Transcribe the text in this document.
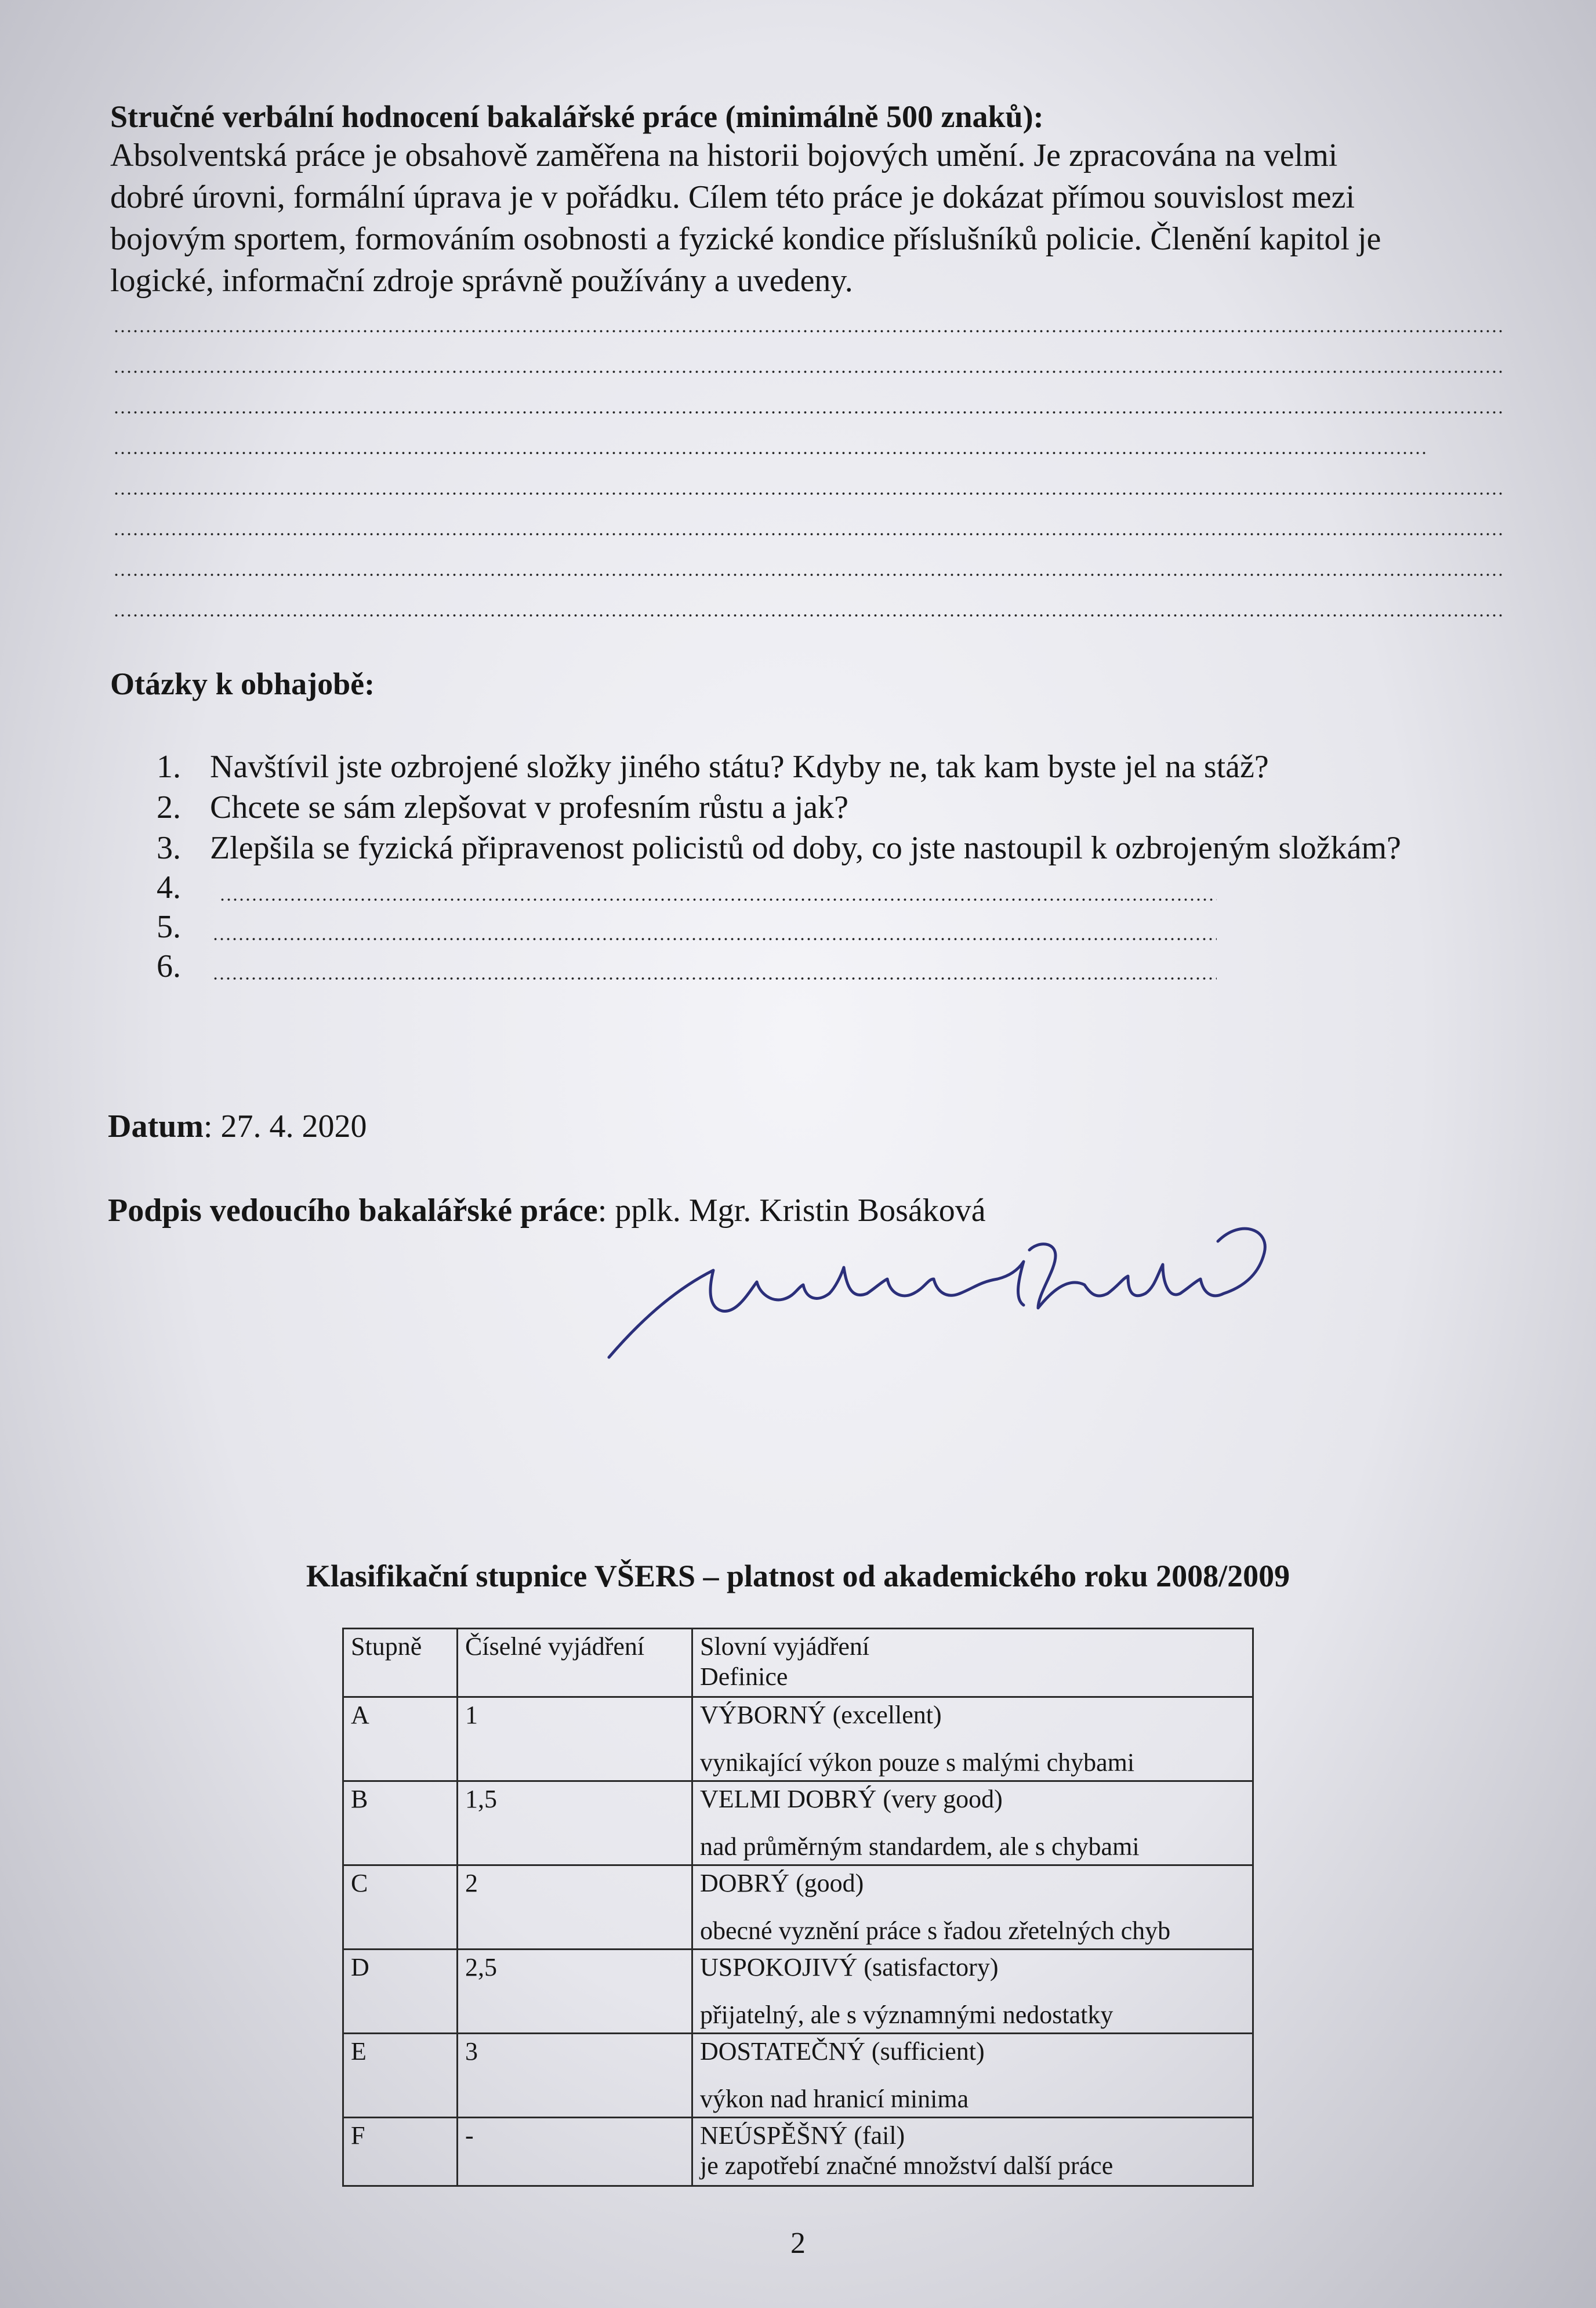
Stručné verbální hodnocení bakalářské práce (minimálně 500 znaků):
Absolventská práce je obsahově zaměřena na historii bojových umění. Je zpracována na velmi
dobré úrovni, formální úprava je v pořádku. Cílem této práce je dokázat přímou souvislost mezi
bojovým sportem, formováním osobnosti a fyzické kondice příslušníků policie. Členění kapitol je
logické, informační zdroje správně používány a uvedeny.
Otázky k obhajobě:
1. Navštívil jste ozbrojené složky jiného státu? Kdyby ne, tak kam byste jel na stáž?
2. Chcete se sám zlepšovat v profesním růstu a jak?
3. Zlepšila se fyzická připravenost policistů od doby, co jste nastoupil k ozbrojeným složkám?
4.
5.
6.
Datum: 27. 4. 2020
Podpis vedoucího bakalářské práce: pplk. Mgr. Kristin Bosáková
Klasifikační stupnice VŠERS – platnost od akademického roku 2008/2009
Stupně	Číselné vyjádření	Slovní vyjádření
Definice

A	1	VÝBORNÝ (excellent)
vynikající výkon pouze s malými chybami

B	1,5	VELMI DOBRÝ (very good)
nad průměrným standardem, ale s chybami

C	2	DOBRÝ (good)
obecné vyznění práce s řadou zřetelných chyb

D	2,5	USPOKOJIVÝ (satisfactory)
přijatelný, ale s významnými nedostatky

E	3	DOSTATEČNÝ (sufficient)
výkon nad hranicí minima

F	-	NEÚSPĚŠNÝ (fail)
je zapotřebí značné množství další práce
2
